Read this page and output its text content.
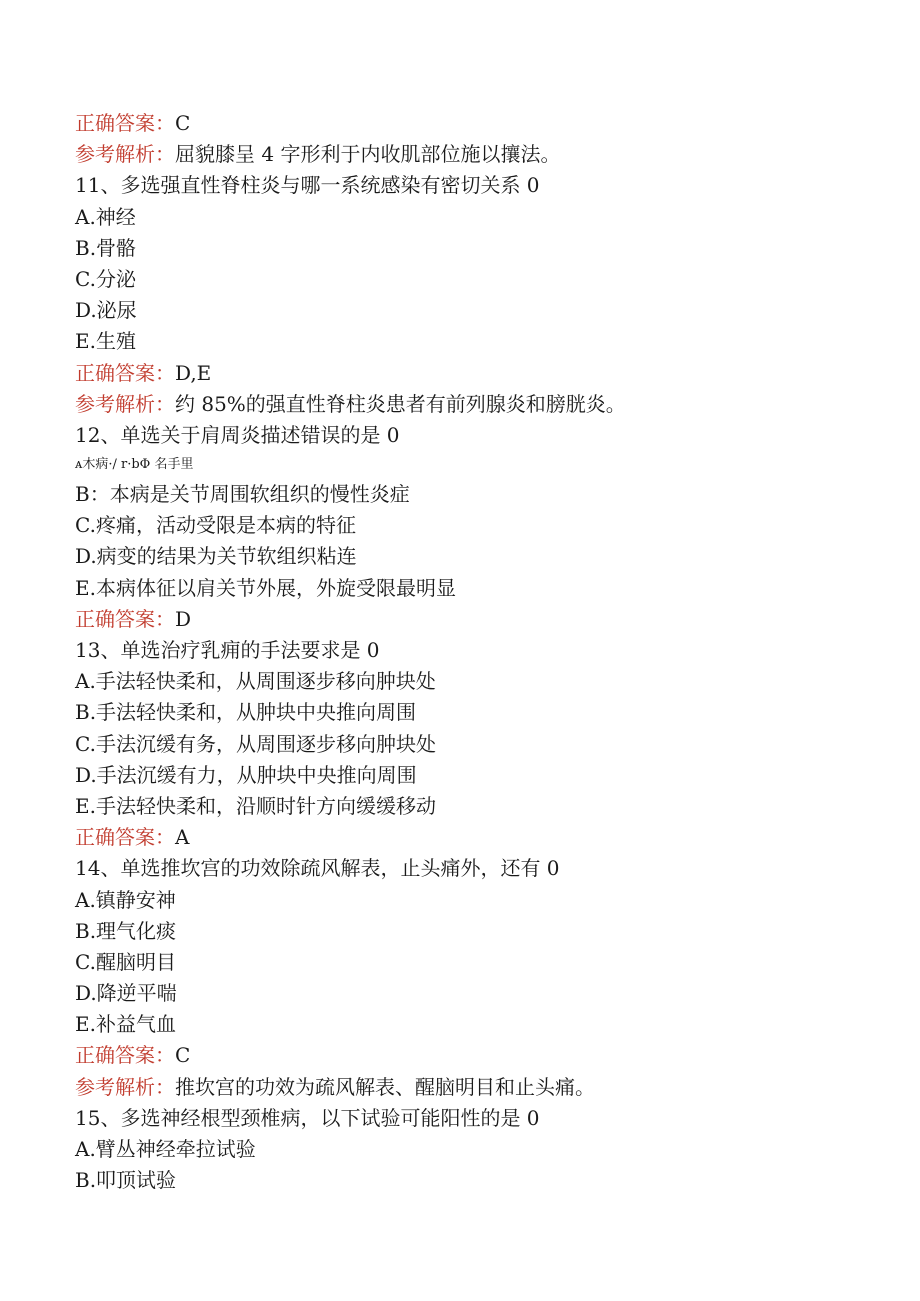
正确答案：C
参考解析：屈貌膝呈 4 字形利于内收肌部位施以攘法。
11、多选强直性脊柱炎与哪一系统感染有密切关系 0
A.神经
B.骨骼
C.分泌
D.泌尿
E.生殖
正确答案：D,E
参考解析：约 85%的强直性脊柱炎患者有前列腺炎和膀胱炎。
12、单选关于肩周炎描述错误的是 0
ᴀ木病·/ r·bΦ 名手里
B：本病是关节周围软组织的慢性炎症
C.疼痛，活动受限是本病的特征
D.病变的结果为关节软组织粘连
E.本病体征以肩关节外展，外旋受限最明显
正确答案：D
13、单选治疗乳痈的手法要求是 0
A.手法轻快柔和，从周围逐步移向肿块处
B.手法轻快柔和，从肿块中央推向周围
C.手法沉缓有务，从周围逐步移向肿块处
D.手法沉缓有力，从肿块中央推向周围
E.手法轻快柔和，沿顺时针方向缓缓移动
正确答案：A
14、单选推坎宫的功效除疏风解表，止头痛外，还有 0
A.镇静安神
B.理气化痰
C.醒脑明目
D.降逆平喘
E.补益气血
正确答案：C
参考解析：推坎宫的功效为疏风解表、醒脑明目和止头痛。
15、多选神经根型颈椎病，以下试验可能阳性的是 0
A.臂丛神经牵拉试验
B.叩顶试验
